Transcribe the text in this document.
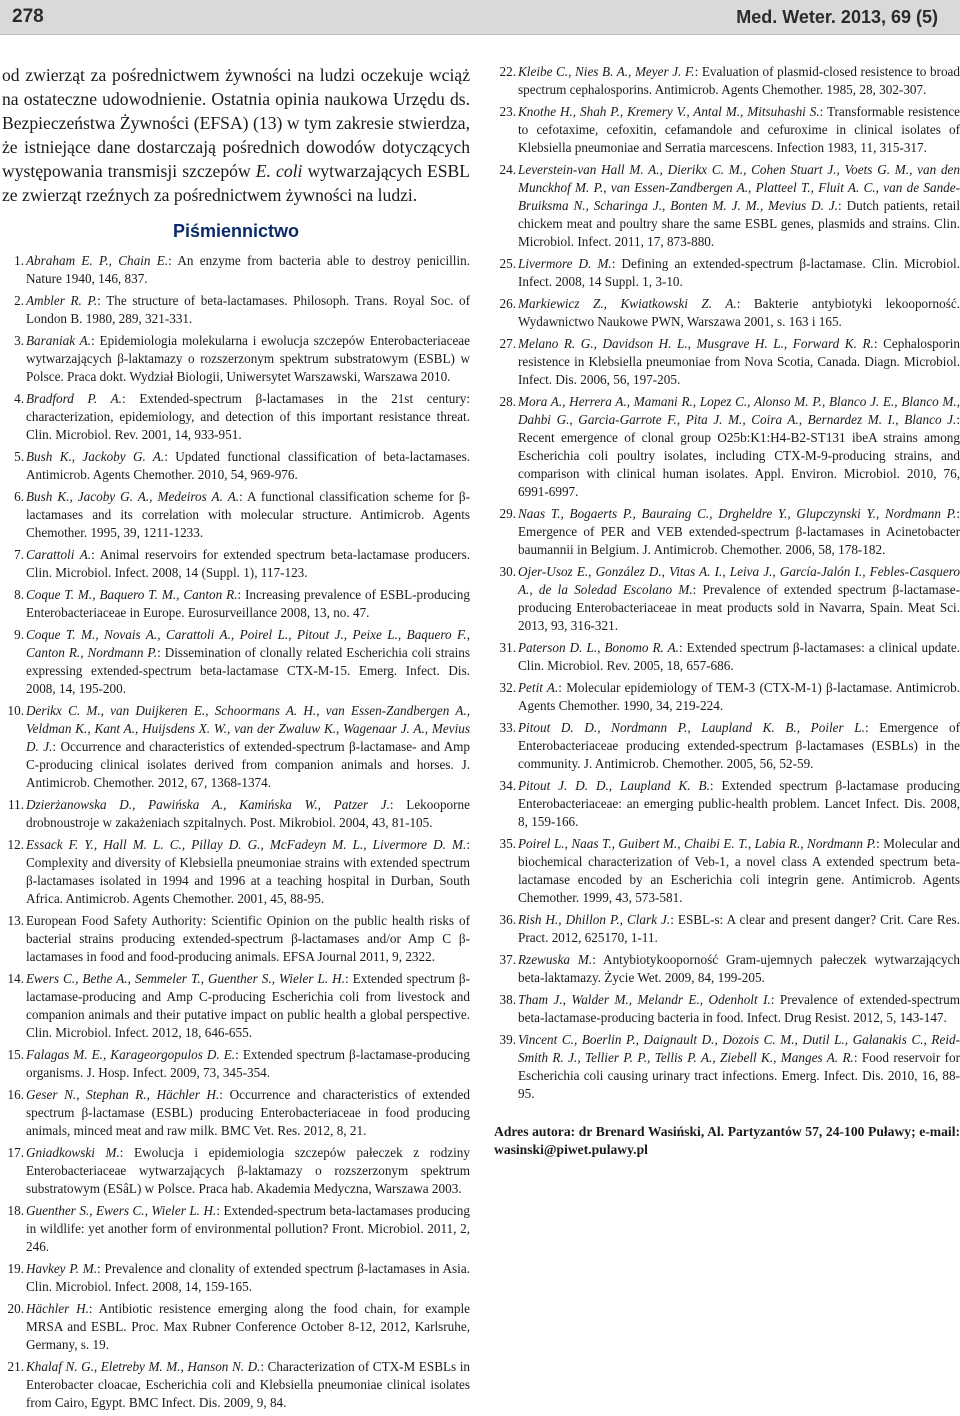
278	Med. Weter. 2013, 69 (5)

od zwierząt za pośrednictwem żywności na ludzi oczekuje wciąż na ostateczne udowodnienie. Ostatnia opinia naukowa Urzędu ds. Bezpieczeństwa Żywności (EFSA) (13) w tym zakresie stwierdza, że istniejące dane dostarczają pośrednich dowodów dotyczących występowania transmisji szczepów E. coli wytwarzających ESBL ze zwierząt rzeźnych za pośrednictwem żywności na ludzi.

Piśmiennictwo
1. Abraham E. P., Chain E.: An enzyme from bacteria able to destroy penicillin. Nature 1940, 146, 837.
2. Ambler R. P.: The structure of beta-lactamases. Philosoph. Trans. Royal Soc. of London B. 1980, 289, 321-331.
3. Baraniak A.: Epidemiologia molekularna i ewolucja szczepów Enterobacteriaceae wytwarzających β-laktamazy o rozszerzonym spektrum substratowym (ESBL) w Polsce. Praca dokt. Wydział Biologii, Uniwersytet Warszawski, Warszawa 2010.
4. Bradford P. A.: Extended-spectrum β-lactamases in the 21st century: characterization, epidemiology, and detection of this important resistance threat. Clin. Microbiol. Rev. 2001, 14, 933-951.
5. Bush K., Jackoby G. A.: Updated functional classification of beta-lactamases. Antimicrob. Agents Chemother. 2010, 54, 969-976.
6. Bush K., Jacoby G. A., Medeiros A. A.: A functional classification scheme for β-lactamases and its correlation with molecular structure. Antimicrob. Agents Chemother. 1995, 39, 1211-1233.
7. Carattoli A.: Animal reservoirs for extended spectrum beta-lactamase producers. Clin. Microbiol. Infect. 2008, 14 (Suppl. 1), 117-123.
8. Coque T. M., Baquero T. M., Canton R.: Increasing prevalence of ESBL-producing Enterobacteriaceae in Europe. Eurosurveillance 2008, 13, no. 47.
9. Coque T. M., Novais A., Carattoli A., Poirel L., Pitout J., Peixe L., Baquero F., Canton R., Nordmann P.: Dissemination of clonally related Escherichia coli strains expressing extended-spectrum beta-lactamase CTX-M-15. Emerg. Infect. Dis. 2008, 14, 195-200.
10. Derikx C. M., van Duijkeren E., Schoormans A. H., van Essen-Zandbergen A., Veldman K., Kant A., Huijsdens X. W., van der Zwaluw K., Wagenaar J. A., Mevius D. J.: Occurrence and characteristics of extended-spectrum β-lactamase- and Amp C-producing clinical isolates derived from companion animals and horses. J. Antimicrob. Chemother. 2012, 67, 1368-1374.
11. Dzierżanowska D., Pawińska A., Kamińska W., Patzer J.: Lekooporne drobnoustroje w zakażeniach szpitalnych. Post. Mikrobiol. 2004, 43, 81-105.
12. Essack F. Y., Hall M. L. C., Pillay D. G., McFadeyn M. L., Livermore D. M.: Complexity and diversity of Klebsiella pneumoniae strains with extended spectrum β-lactamases isolated in 1994 and 1996 at a teaching hospital in Durban, South Africa. Antimicrob. Agents Chemother. 2001, 45, 88-95.
13. European Food Safety Authority: Scientific Opinion on the public health risks of bacterial strains producing extended-spectrum β-lactamases and/or Amp C β-lactamases in food and food-producing animals. EFSA Journal 2011, 9, 2322.
14. Ewers C., Bethe A., Semmeler T., Guenther S., Wieler L. H.: Extended spectrum β-lactamase-producing and Amp C-producing Escherichia coli from livestock and companion animals and their putative impact on public health a global perspective. Clin. Microbiol. Infect. 2012, 18, 646-655.
15. Falagas M. E., Karageorgopulos D. E.: Extended spectrum β-lactamase-producing organisms. J. Hosp. Infect. 2009, 73, 345-354.
16. Geser N., Stephan R., Hächler H.: Occurrence and characteristics of extended spectrum β-lactamase (ESBL) producing Enterobacteriaceae in food producing animals, minced meat and raw milk. BMC Vet. Res. 2012, 8, 21.
17. Gniadkowski M.: Ewolucja i epidemiologia szczepów pałeczek z rodziny Enterobacteriaceae wytwarzających β-laktamazy o rozszerzonym spektrum substratowym (ESâL) w Polsce. Praca hab. Akademia Medyczna, Warszawa 2003.
18. Guenther S., Ewers C., Wieler L. H.: Extended-spectrum beta-lactamases producing in wildlife: yet another form of environmental pollution? Front. Microbiol. 2011, 2, 246.
19. Havkey P. M.: Prevalence and clonality of extended spectrum β-lactamases in Asia. Clin. Microbiol. Infect. 2008, 14, 159-165.
20. Hächler H.: Antibiotic resistence emerging along the food chain, for example MRSA and ESBL. Proc. Max Rubner Conference October 8-12, 2012, Karlsruhe, Germany, s. 19.
21. Khalaf N. G., Eletreby M. M., Hanson N. D.: Characterization of CTX-M ESBLs in Enterobacter cloacae, Escherichia coli and Klebsiella pneumoniae clinical isolates from Cairo, Egypt. BMC Infect. Dis. 2009, 9, 84.
22. Kleibe C., Nies B. A., Meyer J. F.: Evaluation of plasmid-closed resistence to broad spectrum cephalosporins. Antimicrob. Agents Chemother. 1985, 28, 302-307.
23. Knothe H., Shah P., Kremery V., Antal M., Mitsuhashi S.: Transformable resistence to cefotaxime, cefoxitin, cefamandole and cefuroxime in clinical isolates of Klebsiella pneumoniae and Serratia marcescens. Infection 1983, 11, 315-317.
24. Leverstein-van Hall M. A., Dierikx C. M., Cohen Stuart J., Voets G. M., van den Munckhof M. P., van Essen-Zandbergen A., Platteel T., Fluit A. C., van de Sande-Bruiksma N., Scharinga J., Bonten M. J. M., Mevius D. J.: Dutch patients, retail chickem meat and poultry share the same ESBL genes, plasmids and strains. Clin. Microbiol. Infect. 2011, 17, 873-880.
25. Livermore D. M.: Defining an extended-spectrum β-lactamase. Clin. Microbiol. Infect. 2008, 14 Suppl. 1, 3-10.
26. Markiewicz Z., Kwiatkowski Z. A.: Bakterie antybiotyki lekooporność. Wydawnictwo Naukowe PWN, Warszawa 2001, s. 163 i 165.
27. Melano R. G., Davidson H. L., Musgrave H. L., Forward K. R.: Cephalosporin resistence in Klebsiella pneumoniae from Nova Scotia, Canada. Diagn. Microbiol. Infect. Dis. 2006, 56, 197-205.
28. Mora A., Herrera A., Mamani R., Lopez C., Alonso M. P., Blanco J. E., Blanco M., Dahbi G., Garcia-Garrote F., Pita J. M., Coira A., Bernardez M. I., Blanco J.: Recent emergence of clonal group O25b:K1:H4-B2-ST131 ibeA strains among Escherichia coli poultry isolates, including CTX-M-9-producing strains, and comparison with clinical human isolates. Appl. Environ. Microbiol. 2010, 76, 6991-6997.
29. Naas T., Bogaerts P., Bauraing C., Drgheldre Y., Glupczynski Y., Nordmann P.: Emergence of PER and VEB extended-spectrum β-lactamases in Acinetobacter baumannii in Belgium. J. Antimicrob. Chemother. 2006, 58, 178-182.
30. Ojer-Usoz E., González D., Vitas A. I., Leiva J., García-Jalón I., Febles-Casquero A., de la Soledad Escolano M.: Prevalence of extended spectrum β-lactamase-producing Enterobacteriaceae in meat products sold in Navarra, Spain. Meat Sci. 2013, 93, 316-321.
31. Paterson D. L., Bonomo R. A.: Extended spectrum β-lactamases: a clinical update. Clin. Microbiol. Rev. 2005, 18, 657-686.
32. Petit A.: Molecular epidemiology of TEM-3 (CTX-M-1) β-lactamase. Antimicrob. Agents Chemother. 1990, 34, 219-224.
33. Pitout D. D., Nordmann P., Laupland K. B., Poiler L.: Emergence of Enterobacteriaceae producing extended-spectrum β-lactamases (ESBLs) in the community. J. Antimicrob. Chemother. 2005, 56, 52-59.
34. Pitout J. D. D., Laupland K. B.: Extended spectrum β-lactamase producing Enterobacteriaceae: an emerging public-health problem. Lancet Infect. Dis. 2008, 8, 159-166.
35. Poirel L., Naas T., Guibert M., Chaibi E. T., Labia R., Nordmann P.: Molecular and biochemical characterization of Veb-1, a novel class A extended spectrum beta-lactamase encoded by an Escherichia coli integrin gene. Antimicrob. Agents Chemother. 1999, 43, 573-581.
36. Rish H., Dhillon P., Clark J.: ESBL-s: A clear and present danger? Crit. Care Res. Pract. 2012, 625170, 1-11.
37. Rzewuska M.: Antybiotykooporność Gram-ujemnych pałeczek wytwarzających beta-laktamazy. Życie Wet. 2009, 84, 199-205.
38. Tham J., Walder M., Melandr E., Odenholt I.: Prevalence of extended-spectrum beta-lactamase-producing bacteria in food. Infect. Drug Resist. 2012, 5, 143-147.
39. Vincent C., Boerlin P., Daignault D., Dozois C. M., Dutil L., Galanakis C., Reid-Smith R. J., Tellier P. P., Tellis P. A., Ziebell K., Manges A. R.: Food reservoir for Escherichia coli causing urinary tract infections. Emerg. Infect. Dis. 2010, 16, 88-95.
Adres autora: dr Brenard Wasiński, Al. Partyzantów 57, 24-100 Puławy; e-mail: wasinski@piwet.pulawy.pl
